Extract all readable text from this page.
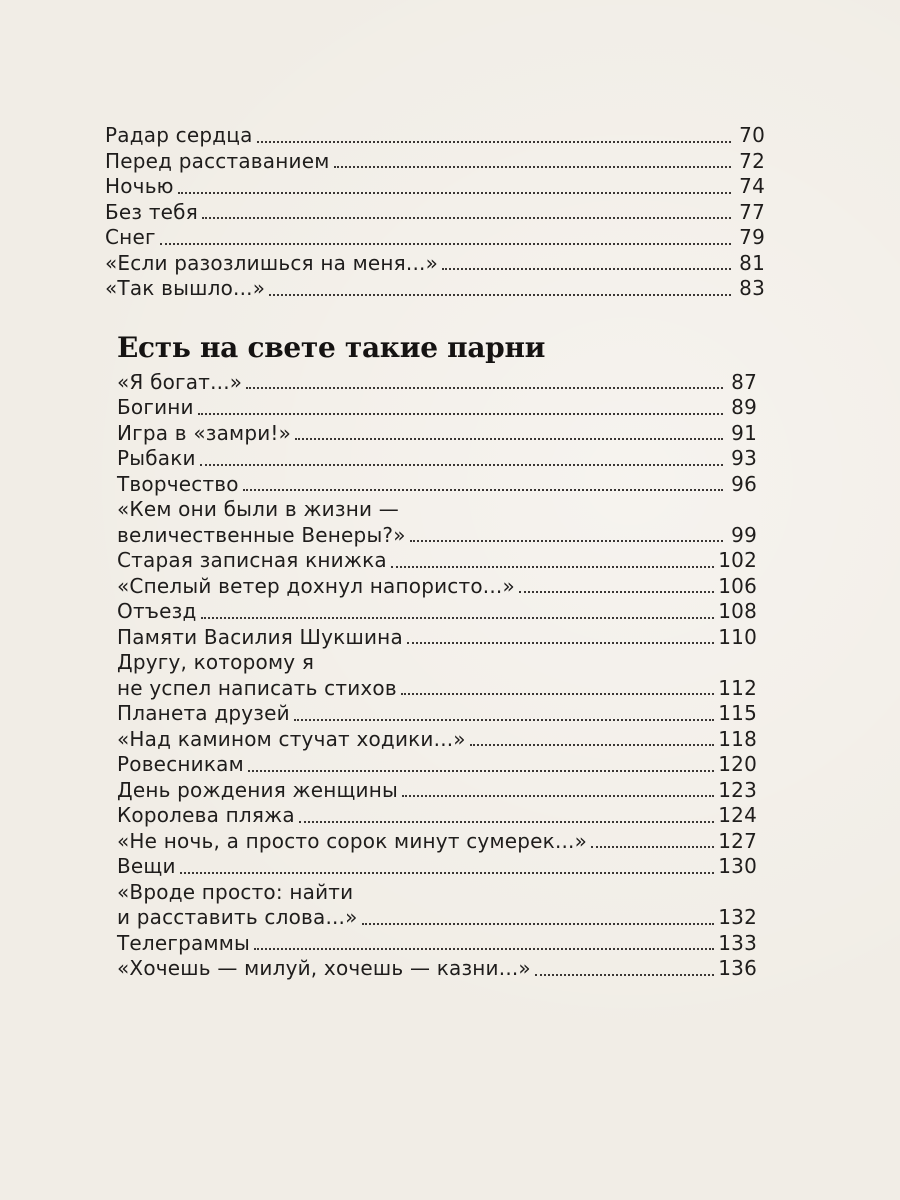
Радар сердца	70
Перед расставанием	72
Ночью	74
Без тебя	77
Снег	79
«Если разозлишься на меня...»	81
«Так вышло...»	83
Есть на свете такие парни
«Я богат...»	87
Богини	89
Игра в «замри!»	91
Рыбаки	93
Творчество	96
«Кем они были в жизни —
величественные Венеры?»	99
Старая записная книжка	102
«Спелый ветер дохнул напористо...»	106
Отъезд	108
Памяти Василия Шукшина	110
Другу, которому я
не успел написать стихов	112
Планета друзей	115
«Над камином стучат ходики...»	118
Ровесникам	120
День рождения женщины	123
Королева пляжа	124
«Не ночь, а просто сорок минут сумерек...»	127
Вещи	130
«Вроде просто: найти
и расставить слова...»	132
Телеграммы	133
«Хочешь — милуй, хочешь — казни...»	136
